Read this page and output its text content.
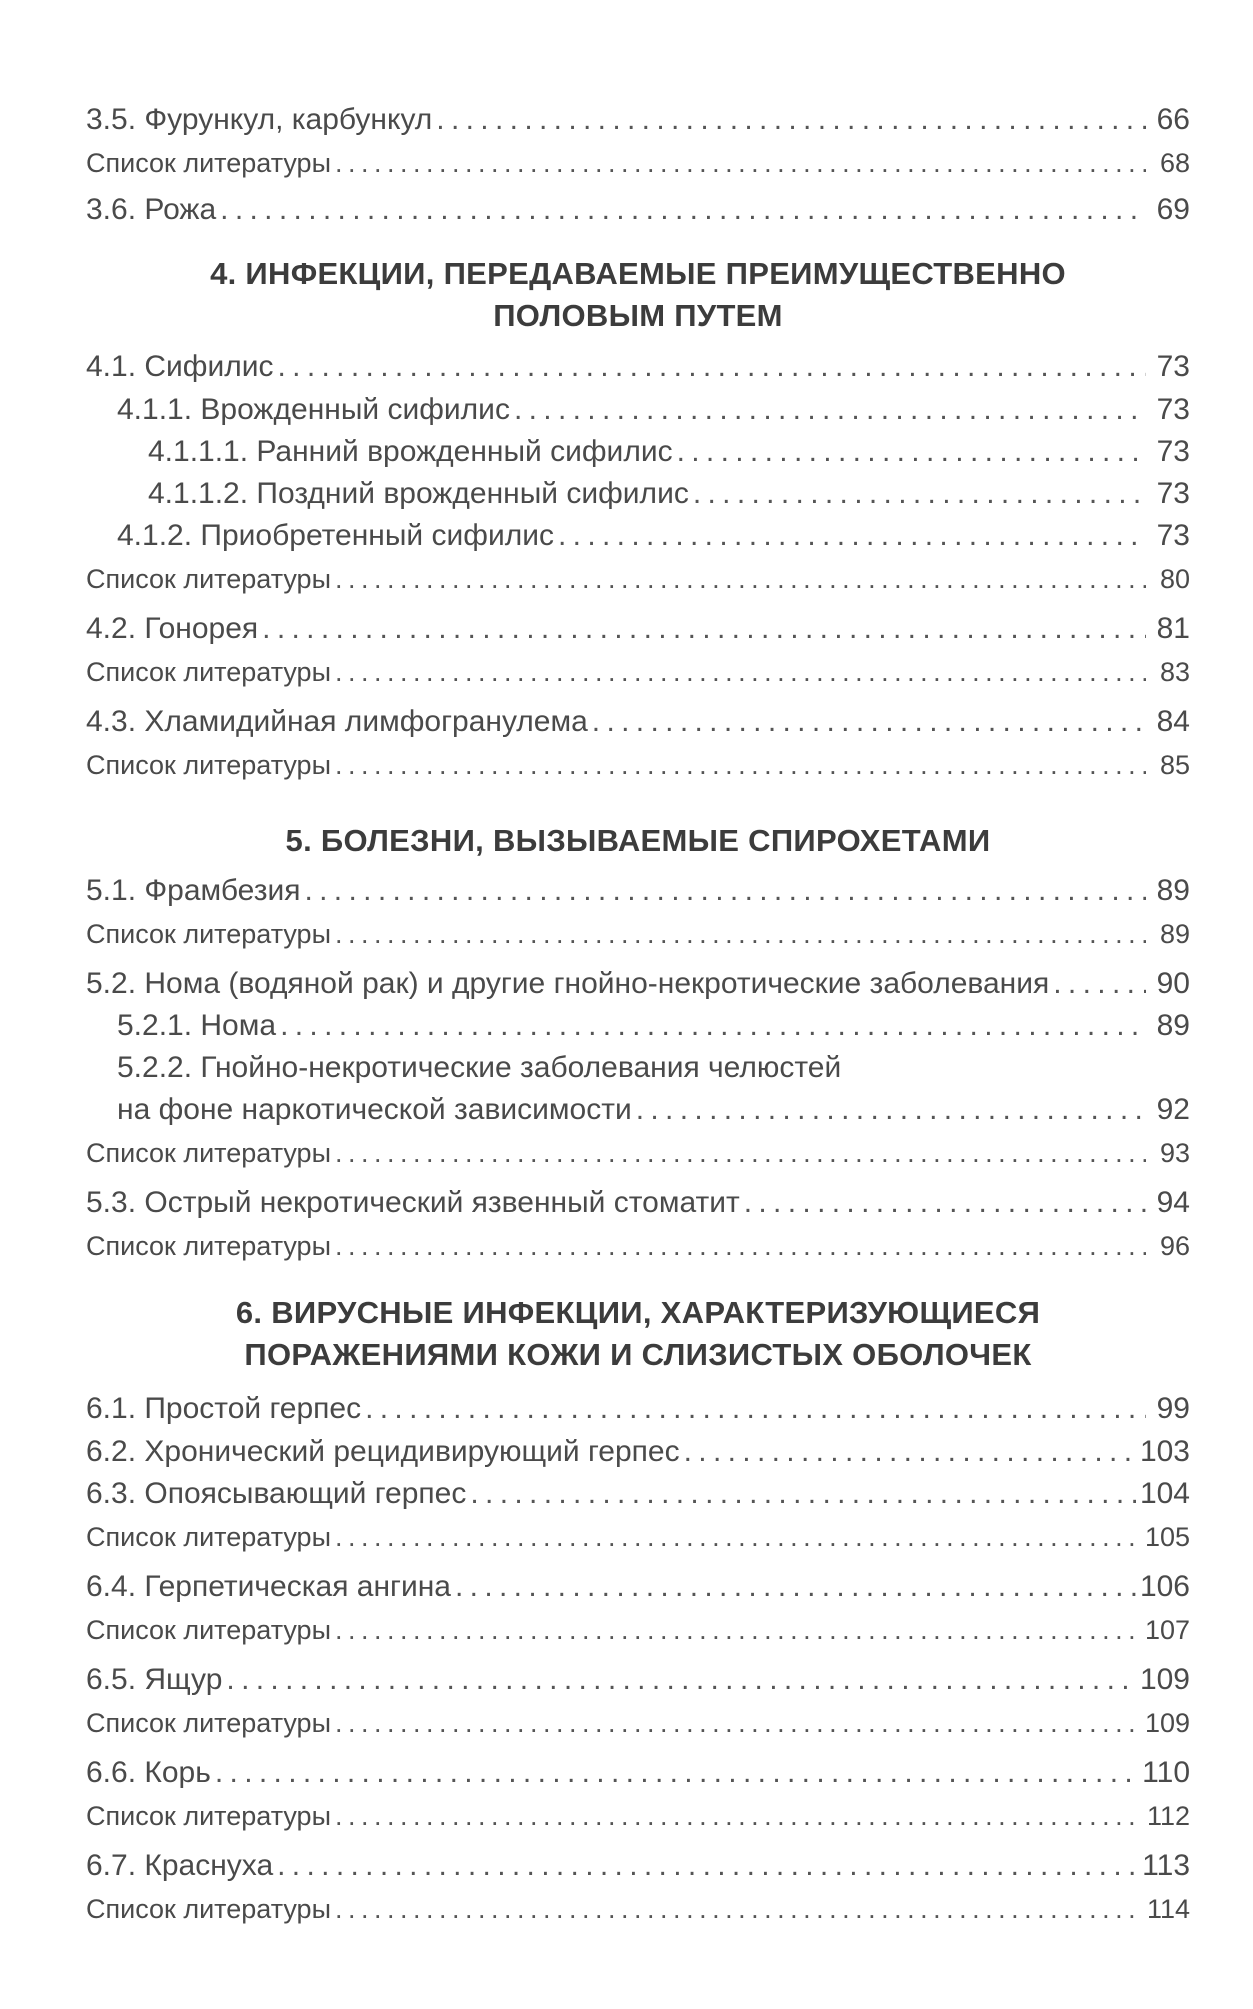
3.5. Фурункул, карбункул . . .	66
Список литературы . . .	68
3.6. Рожа . . .	69
4. ИНФЕКЦИИ, ПЕРЕДАВАЕМЫЕ ПРЕИМУЩЕСТВЕННО
ПОЛОВЫМ ПУТЕМ
4.1. Сифилис . . .	73
4.1.1. Врожденный сифилис . . .	73
4.1.1.1. Ранний врожденный сифилис . . .	73
4.1.1.2. Поздний врожденный сифилис . . .	73
4.1.2. Приобретенный сифилис . . .	73
Список литературы . . .	80
4.2. Гонорея . . .	81
Список литературы . . .	83
4.3. Хламидийная лимфогранулема . . .	84
Список литературы . . .	85
5. БОЛЕЗНИ, ВЫЗЫВАЕМЫЕ СПИРОХЕТАМИ
5.1. Фрамбезия . . .	89
Список литературы . . .	89
5.2. Нома (водяной рак) и другие гнойно-некротические заболевания . . .	90
5.2.1. Нома . . .	89
5.2.2. Гнойно-некротические заболевания челюстей
на фоне наркотической зависимости . . .	92
Список литературы . . .	93
5.3. Острый некротический язвенный стоматит . . .	94
Список литературы . . .	96
6. ВИРУСНЫЕ ИНФЕКЦИИ, ХАРАКТЕРИЗУЮЩИЕСЯ
ПОРАЖЕНИЯМИ КОЖИ И СЛИЗИСТЫХ ОБОЛОЧЕК
6.1. Простой герпес . . .	99
6.2. Хронический рецидивирующий герпес . . .	103
6.3. Опоясывающий герпес . . .	104
Список литературы . . .	105
6.4. Герпетическая ангина . . .	106
Список литературы . . .	107
6.5. Ящур . . .	109
Список литературы . . .	109
6.6. Корь . . .	110
Список литературы . . .	112
6.7. Краснуха . . .	113
Список литературы . . .	114
